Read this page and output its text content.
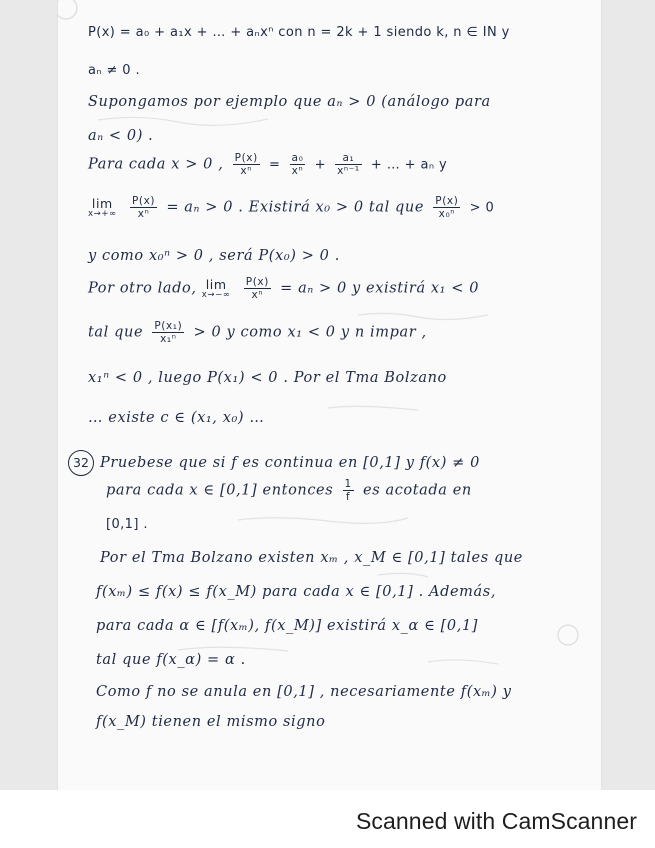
P(x) = a₀ + a₁x + … + aₙxⁿ con n = 2k + 1 siendo k, n ∈ IN y

aₙ ≠ 0 .

Supongamos por ejemplo que aₙ > 0 (análogo para

aₙ < 0) .

Para cada x > 0 , $\frac{P(x)}{\text{xⁿ}} = \frac{\text{a₀}}{\text{xⁿ}} + \frac{\text{a₁}}{\text{xⁿ⁻¹}}$ + … + aₙ y

lim
x→+∞
$\frac{P(x)}{\text{xⁿ}} = a_n > 0$ . Existirá x₀ > 0 tal que $\frac{P(x)}{\text{x₀ⁿ}} > 0$

y como x₀ⁿ > 0 , será P(x₀) > 0 .

Por otro lado, lim
x→−∞
$\frac{P(x)}{\text{xⁿ}} = a_n > 0$ y existirá x₁ < 0

tal que $\frac{\text{P(x₁)}}{\text{x₁ⁿ}} > 0$ y como x₁ < 0 y n impar ,

x₁ⁿ < 0 , luego P(x₁) < 0 . Por el Tma Bolzano

… existe c ∈ (x₁, x₀) …

32 Pruebese que si f es continua en [0,1] y f(x) ≠ 0

para cada x ∈ [0,1] entonces $\frac{1}{f}$ es acotada en

[0,1] .

Por el Tma Bolzano existen xₘ , x_M ∈ [0,1] tales que

f(xₘ) ≤ f(x) ≤ f(x_M) para cada x ∈ [0,1] . Además,

para cada α ∈ [f(xₘ), f(x_M)] existirá x_α ∈ [0,1]

tal que f(x_α) = α .

Como f no se anula en [0,1] , necesariamente f(xₘ) y

f(x_M) tienen el mismo signo

Scanned with CamScanner
